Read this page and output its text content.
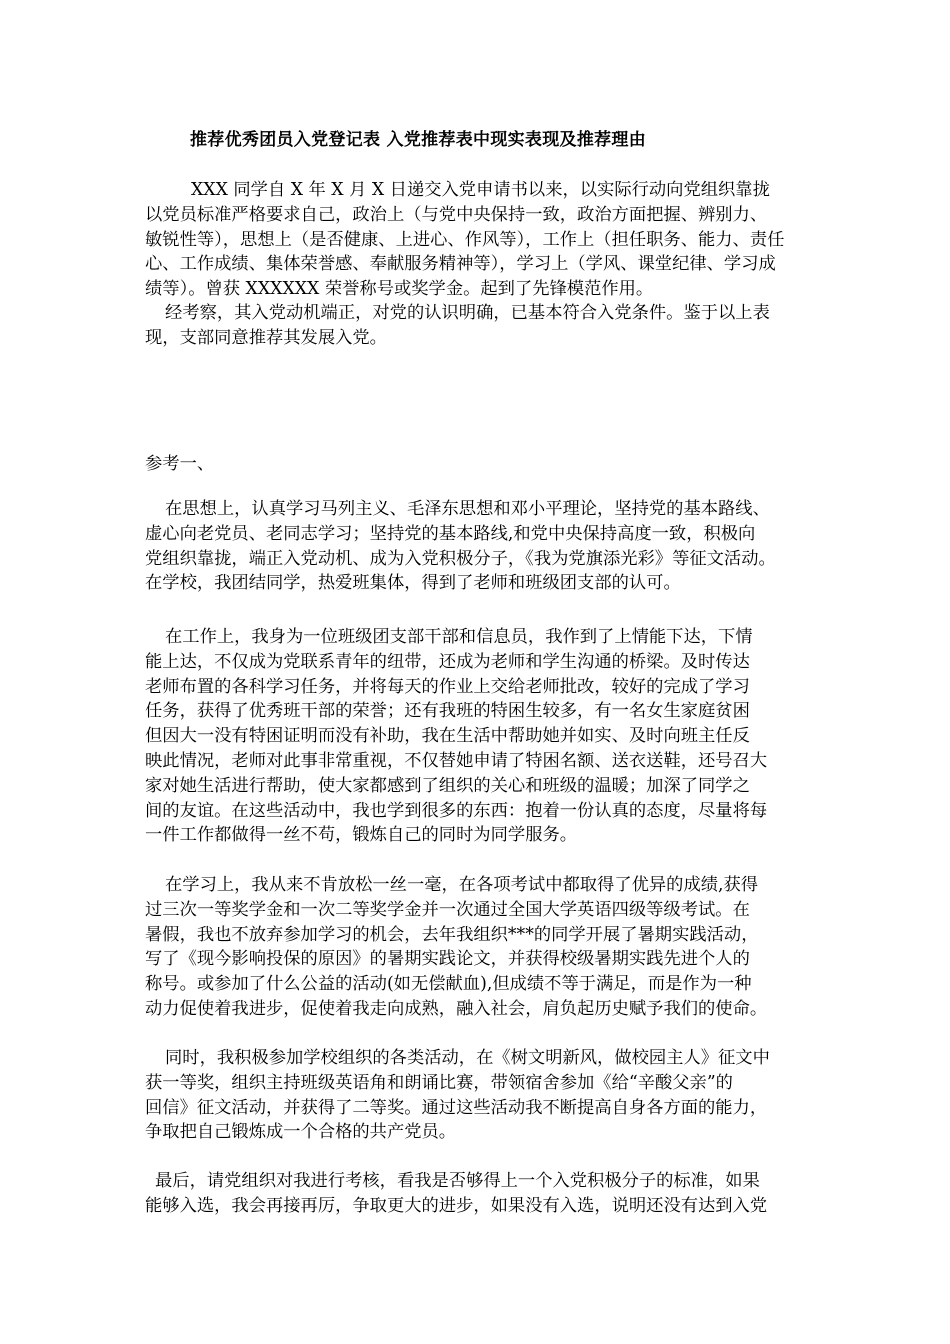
推荐优秀团员入党登记表 入党推荐表中现实表现及推荐理由
XXX 同学自 X 年 X 月 X 日递交入党申请书以来，以实际行动向党组织靠拢
以党员标准严格要求自己，政治上（与党中央保持一致，政治方面把握、辨别力、
敏锐性等），思想上（是否健康、上进心、作风等），工作上（担任职务、能力、责任
心、工作成绩、集体荣誉感、奉献服务精神等），学习上（学风、课堂纪律、学习成
绩等）。曾获 XXXXXX 荣誉称号或奖学金。起到了先锋模范作用。
经考察，其入党动机端正，对党的认识明确，已基本符合入党条件。鉴于以上表
现，支部同意推荐其发展入党。
参考一、
在思想上，认真学习马列主义、毛泽东思想和邓小平理论，坚持党的基本路线、
虚心向老党员、老同志学习；坚持党的基本路线,和党中央保持高度一致，积极向
党组织靠拢，端正入党动机、成为入党积极分子，《我为党旗添光彩》等征文活动。
在学校，我团结同学，热爱班集体，得到了老师和班级团支部的认可。
在工作上，我身为一位班级团支部干部和信息员，我作到了上情能下达，下情
能上达，不仅成为党联系青年的纽带，还成为老师和学生沟通的桥梁。及时传达
老师布置的各科学习任务，并将每天的作业上交给老师批改，较好的完成了学习
任务，获得了优秀班干部的荣誉；还有我班的特困生较多，有一名女生家庭贫困
但因大一没有特困证明而没有补助，我在生活中帮助她并如实、及时向班主任反
映此情况，老师对此事非常重视，不仅替她申请了特困名额、送衣送鞋，还号召大
家对她生活进行帮助，使大家都感到了组织的关心和班级的温暖；加深了同学之
间的友谊。在这些活动中，我也学到很多的东西：抱着一份认真的态度，尽量将每
一件工作都做得一丝不苟，锻炼自己的同时为同学服务。
在学习上，我从来不肯放松一丝一毫，在各项考试中都取得了优异的成绩,获得
过三次一等奖学金和一次二等奖学金并一次通过全国大学英语四级等级考试。在
暑假，我也不放弃参加学习的机会，去年我组织***的同学开展了暑期实践活动，
写了《现今影响投保的原因》的暑期实践论文，并获得校级暑期实践先进个人的
称号。或参加了什么公益的活动(如无偿献血),但成绩不等于满足，而是作为一种
动力促使着我进步，促使着我走向成熟，融入社会，肩负起历史赋予我们的使命。
同时，我积极参加学校组织的各类活动，在《树文明新风，做校园主人》征文中
获一等奖，组织主持班级英语角和朗诵比赛，带领宿舍参加《给“辛酸父亲”的
回信》征文活动，并获得了二等奖。通过这些活动我不断提高自身各方面的能力，
争取把自己锻炼成一个合格的共产党员。
最后，请党组织对我进行考核，看我是否够得上一个入党积极分子的标准，如果
能够入选，我会再接再厉，争取更大的进步，如果没有入选，说明还没有达到入党
